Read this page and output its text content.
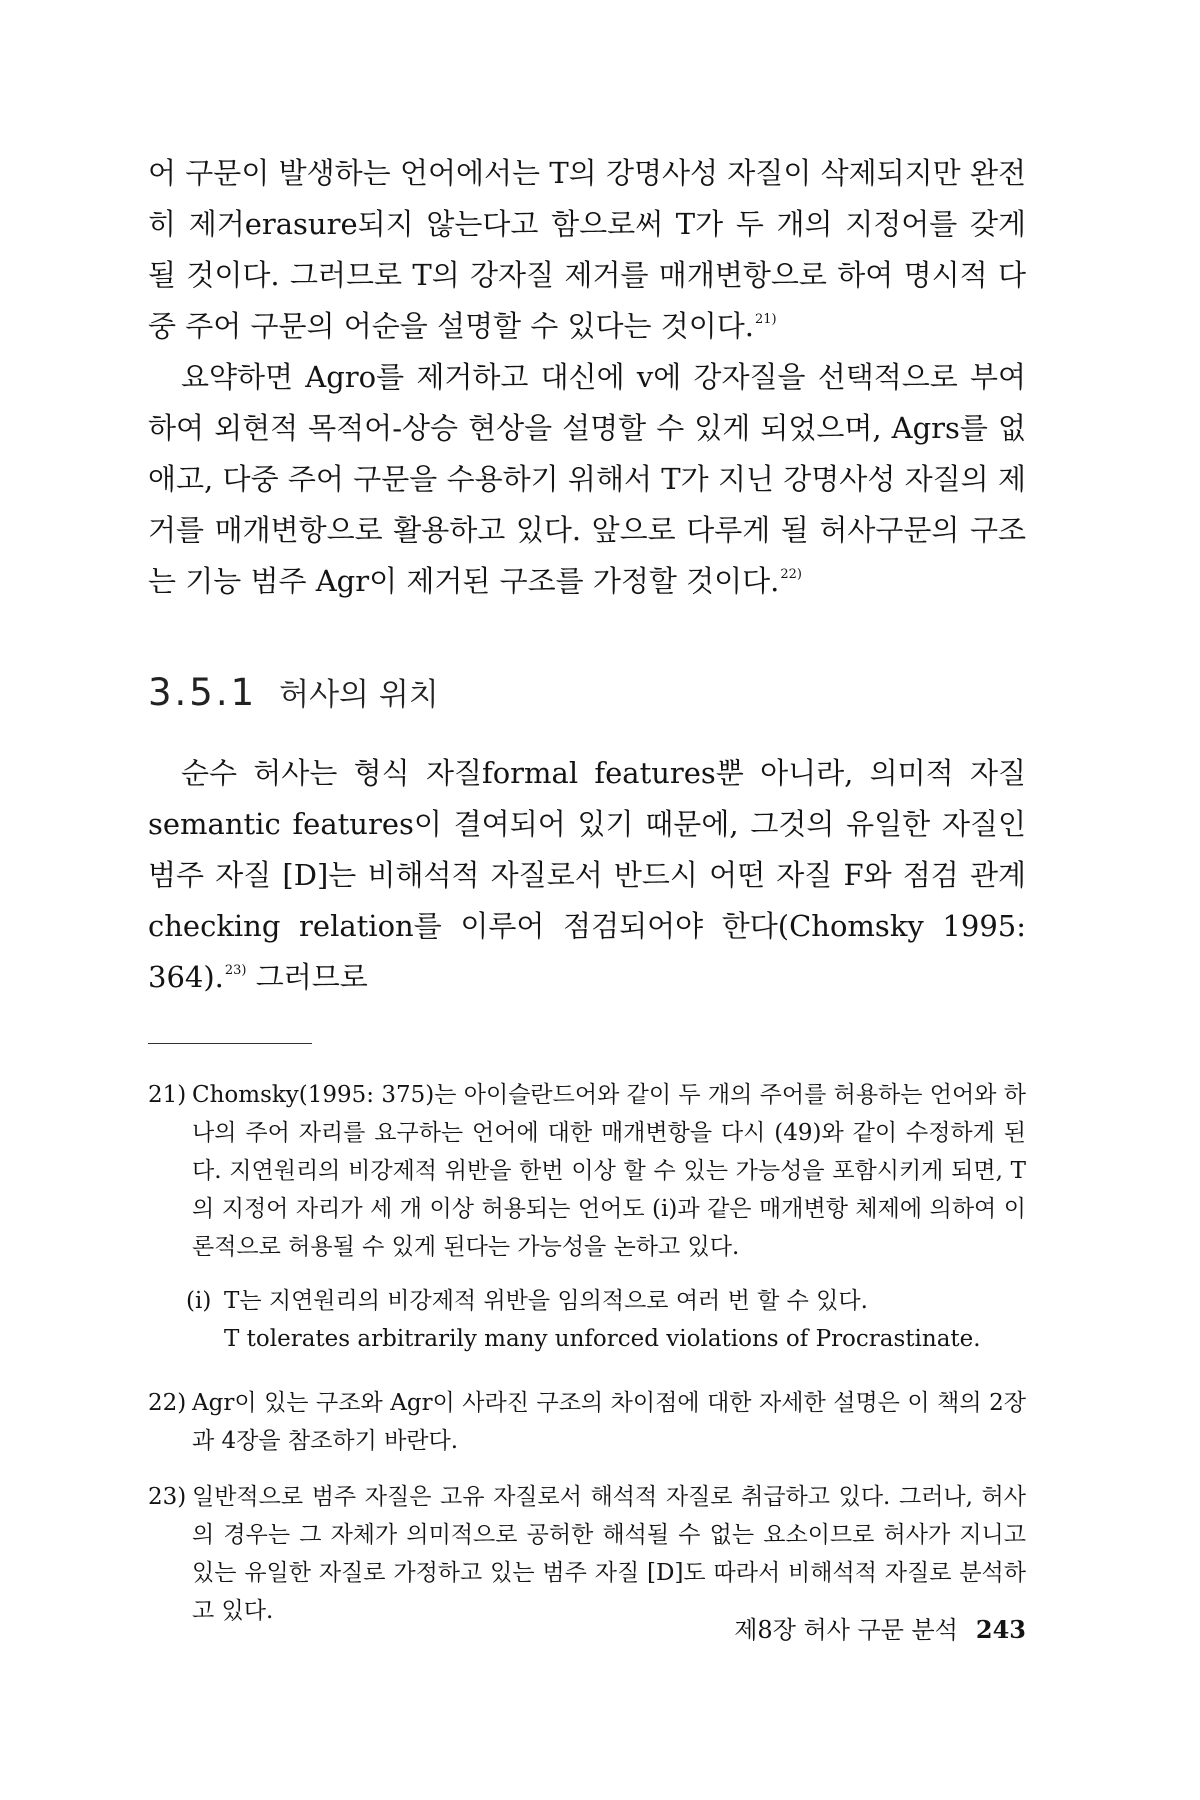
어 구문이 발생하는 언어에서는 T의 강명사성 자질이 삭제되지만 완전히 제거erasure되지 않는다고 함으로써 T가 두 개의 지정어를 갖게 될 것이다. 그러므로 T의 강자질 제거를 매개변항으로 하여 명시적 다중 주어 구문의 어순을 설명할 수 있다는 것이다.$^{21)}$

요약하면 Agro를 제거하고 대신에 v에 강자질을 선택적으로 부여하여 외현적 목적어-상승 현상을 설명할 수 있게 되었으며, Agrs를 없애고, 다중 주어 구문을 수용하기 위해서 T가 지닌 강명사성 자질의 제거를 매개변항으로 활용하고 있다. 앞으로 다루게 될 허사구문의 구조는 기능 범주 Agr이 제거된 구조를 가정할 것이다.$^{22)}$

3.5.1 허사의 위치

순수 허사는 형식 자질formal features뿐 아니라, 의미적 자질semantic features이 결여되어 있기 때문에, 그것의 유일한 자질인 범주 자질 [D]는 비해석적 자질로서 반드시 어떤 자질 F와 점검 관계checking relation를 이루어 점검되어야 한다(Chomsky 1995: 364).$^{23)}$ 그러므로

21) Chomsky(1995: 375)는 아이슬란드어와 같이 두 개의 주어를 허용하는 언어와 하나의 주어 자리를 요구하는 언어에 대한 매개변항을 다시 (49)와 같이 수정하게 된다. 지연원리의 비강제적 위반을 한번 이상 할 수 있는 가능성을 포함시키게 되면, T의 지정어 자리가 세 개 이상 허용되는 언어도 (i)과 같은 매개변항 체제에 의하여 이론적으로 허용될 수 있게 된다는 가능성을 논하고 있다.
(i) T는 지연원리의 비강제적 위반을 임의적으로 여러 번 할 수 있다.
T tolerates arbitrarily many unforced violations of Procrastinate.
22) Agr이 있는 구조와 Agr이 사라진 구조의 차이점에 대한 자세한 설명은 이 책의 2장과 4장을 참조하기 바란다.
23) 일반적으로 범주 자질은 고유 자질로서 해석적 자질로 취급하고 있다. 그러나, 허사의 경우는 그 자체가 의미적으로 공허한 해석될 수 없는 요소이므로 허사가 지니고 있는 유일한 자질로 가정하고 있는 범주 자질 [D]도 따라서 비해석적 자질로 분석하고 있다.
제8장 허사 구문 분석 243
